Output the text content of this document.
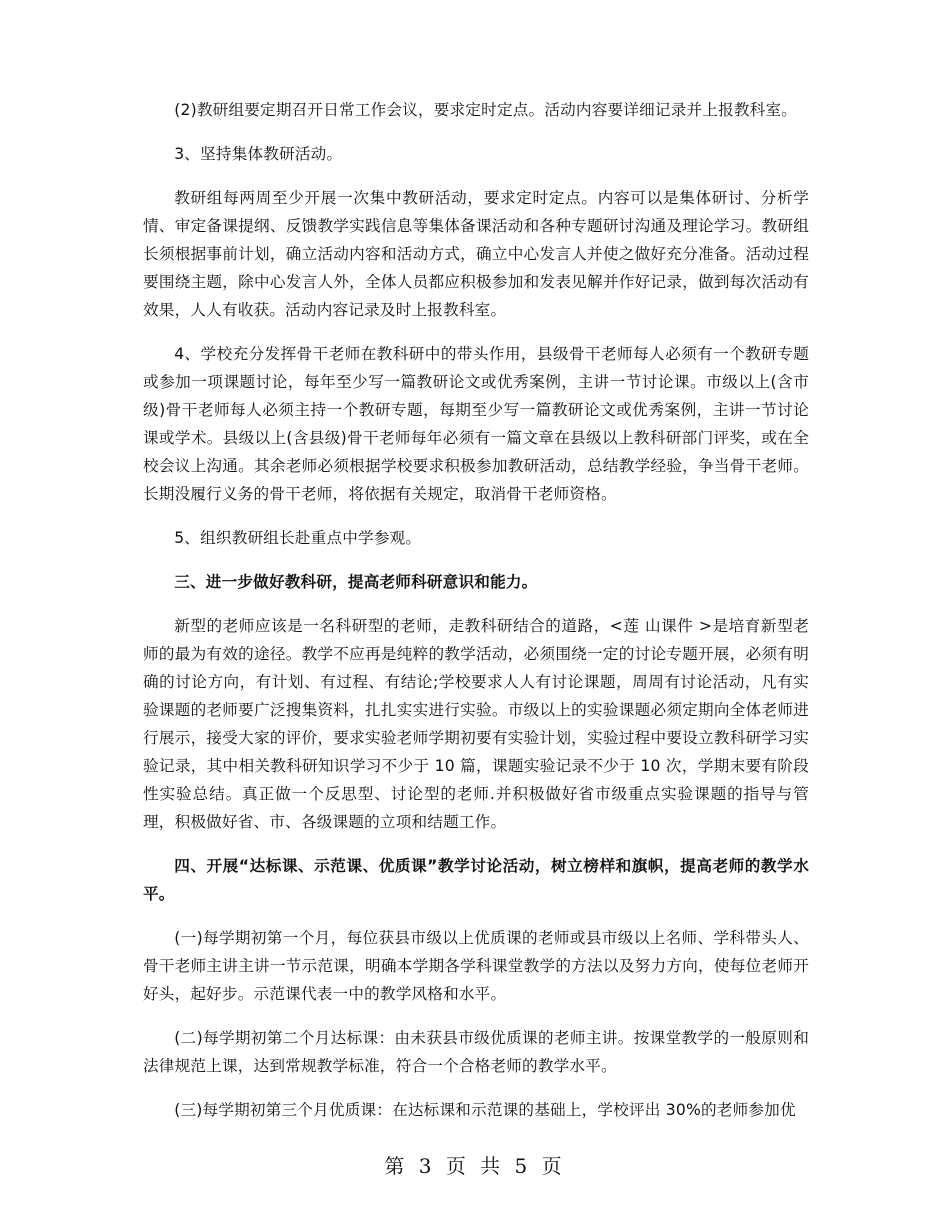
(2)教研组要定期召开日常工作会议，要求定时定点。活动内容要详细记录并上报教科室。

3、坚持集体教研活动。

教研组每两周至少开展一次集中教研活动，要求定时定点。内容可以是集体研讨、分析学情、审定备课提纲、反馈教学实践信息等集体备课活动和各种专题研讨沟通及理论学习。教研组长须根据事前计划，确立活动内容和活动方式，确立中心发言人并使之做好充分准备。活动过程要围绕主题，除中心发言人外，全体人员都应积极参加和发表见解并作好记录，做到每次活动有效果，人人有收获。活动内容记录及时上报教科室。

4、学校充分发挥骨干老师在教科研中的带头作用，县级骨干老师每人必须有一个教研专题或参加一项课题讨论，每年至少写一篇教研论文或优秀案例，主讲一节讨论课。市级以上(含市级)骨干老师每人必须主持一个教研专题，每期至少写一篇教研论文或优秀案例，主讲一节讨论课或学术。县级以上(含县级)骨干老师每年必须有一篇文章在县级以上教科研部门评奖，或在全校会议上沟通。其余老师必须根据学校要求积极参加教研活动，总结教学经验，争当骨干老师。长期没履行义务的骨干老师，将依据有关规定，取消骨干老师资格。

5、组织教研组长赴重点中学参观。

三、进一步做好教科研，提高老师科研意识和能力。

新型的老师应该是一名科研型的老师，走教科研结合的道路，<莲 山课件 >是培育新型老师的最为有效的途径。教学不应再是纯粹的教学活动，必须围绕一定的讨论专题开展，必须有明确的讨论方向，有计划、有过程、有结论;学校要求人人有讨论课题，周周有讨论活动，凡有实验课题的老师要广泛搜集资料，扎扎实实进行实验。市级以上的实验课题必须定期向全体老师进行展示，接受大家的评价，要求实验老师学期初要有实验计划，实验过程中要设立教科研学习实验记录，其中相关教科研知识学习不少于 10 篇，课题实验记录不少于 10 次，学期末要有阶段性实验总结。真正做一个反思型、讨论型的老师.并积极做好省市级重点实验课题的指导与管理，积极做好省、市、各级课题的立项和结题工作。

四、开展“达标课、示范课、优质课”教学讨论活动，树立榜样和旗帜，提高老师的教学水平。

(一)每学期初第一个月，每位获县市级以上优质课的老师或县市级以上名师、学科带头人、骨干老师主讲主讲一节示范课，明确本学期各学科课堂教学的方法以及努力方向，使每位老师开好头，起好步。示范课代表一中的教学风格和水平。

(二)每学期初第二个月达标课：由未获县市级优质课的老师主讲。按课堂教学的一般原则和法律规范上课，达到常规教学标准，符合一个合格老师的教学水平。

(三)每学期初第三个月优质课：在达标课和示范课的基础上，学校评出 30%的老师参加优

第 3 页 共 5 页
